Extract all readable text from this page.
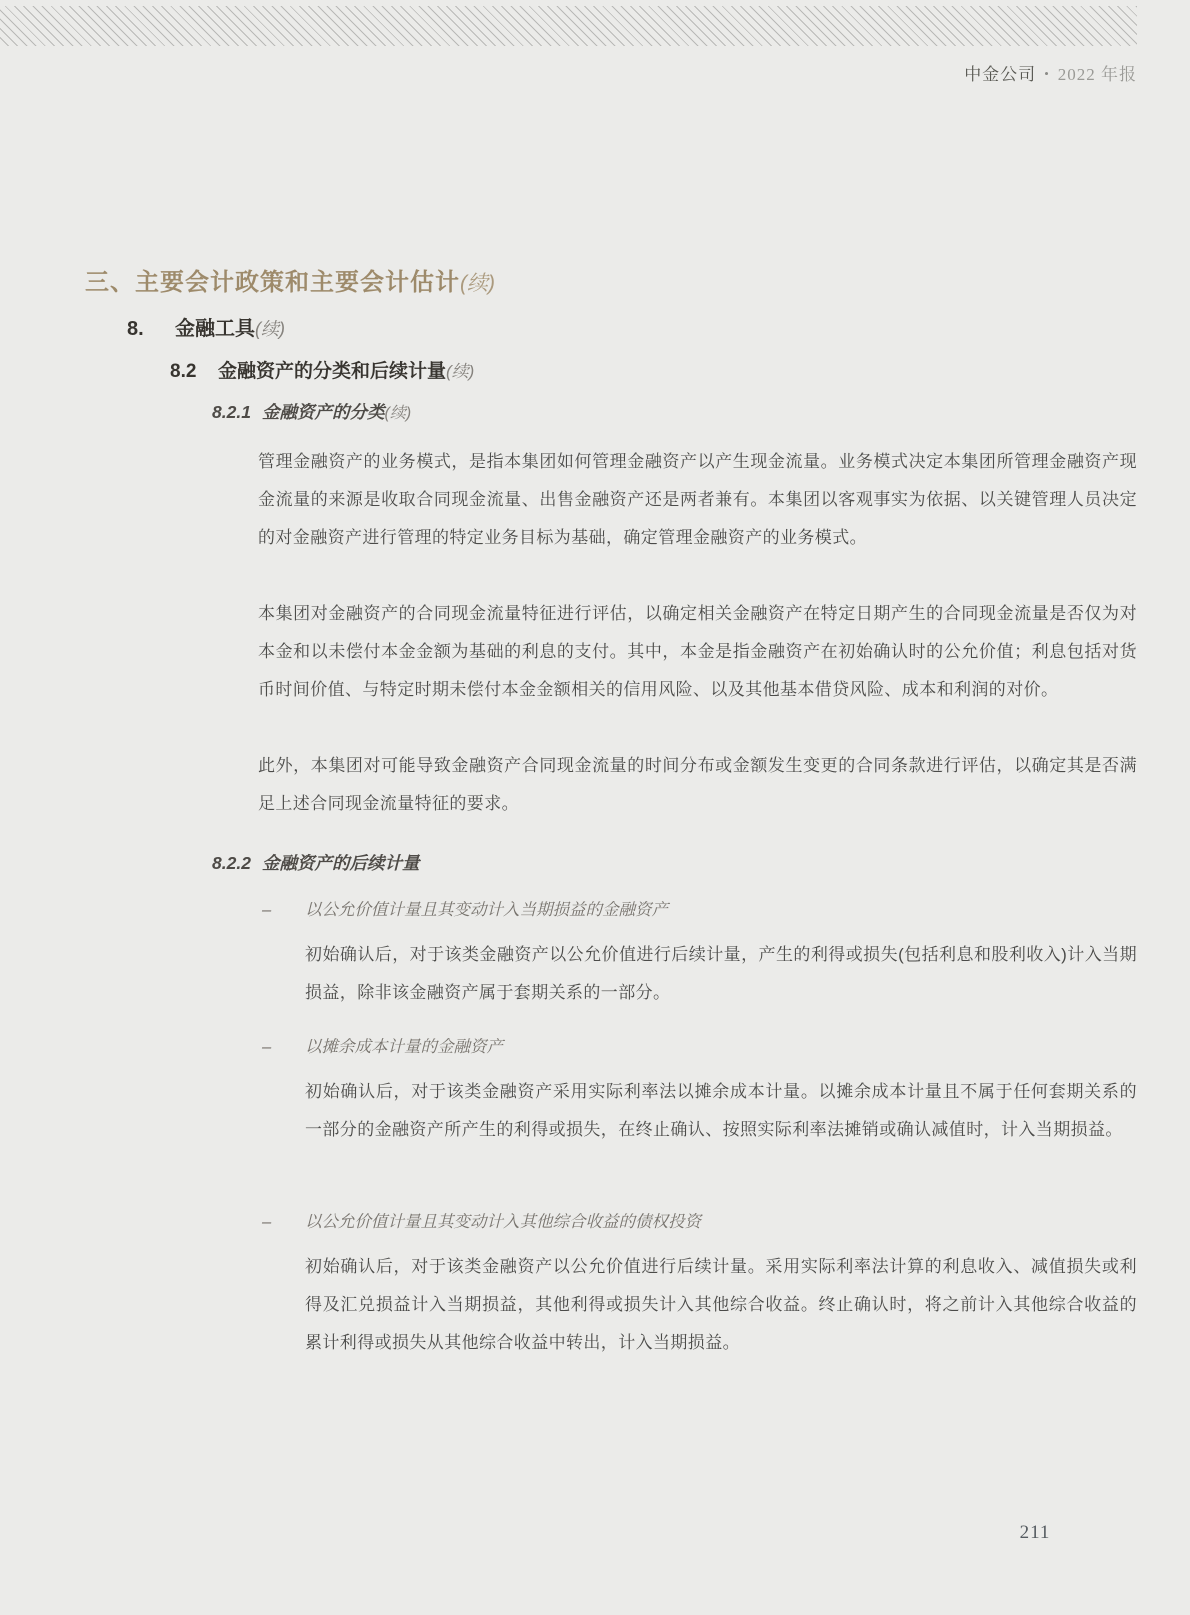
中金公司 • 2022 年报
三、主要会计政策和主要会计估计(续)
8. 金融工具(续)
8.2 金融资产的分类和后续计量(续)
8.2.1 金融资产的分类(续)
管理金融资产的业务模式，是指本集团如何管理金融资产以产生现金流量。业务模式决定本集团所管理金融资产现金流量的来源是收取合同现金流量、出售金融资产还是两者兼有。本集团以客观事实为依据、以关键管理人员决定的对金融资产进行管理的特定业务目标为基础，确定管理金融资产的业务模式。
本集团对金融资产的合同现金流量特征进行评估，以确定相关金融资产在特定日期产生的合同现金流量是否仅为对本金和以未偿付本金金额为基础的利息的支付。其中，本金是指金融资产在初始确认时的公允价值；利息包括对货币时间价值、与特定时期未偿付本金金额相关的信用风险、以及其他基本借贷风险、成本和利润的对价。
此外，本集团对可能导致金融资产合同现金流量的时间分布或金额发生变更的合同条款进行评估，以确定其是否满足上述合同现金流量特征的要求。
8.2.2 金融资产的后续计量
– 以公允价值计量且其变动计入当期损益的金融资产
初始确认后，对于该类金融资产以公允价值进行后续计量，产生的利得或损失(包括利息和股利收入)计入当期损益，除非该金融资产属于套期关系的一部分。
– 以摊余成本计量的金融资产
初始确认后，对于该类金融资产采用实际利率法以摊余成本计量。以摊余成本计量且不属于任何套期关系的一部分的金融资产所产生的利得或损失，在终止确认、按照实际利率法摊销或确认减值时，计入当期损益。
– 以公允价值计量且其变动计入其他综合收益的债权投资
初始确认后，对于该类金融资产以公允价值进行后续计量。采用实际利率法计算的利息收入、减值损失或利得及汇兑损益计入当期损益，其他利得或损失计入其他综合收益。终止确认时，将之前计入其他综合收益的累计利得或损失从其他综合收益中转出，计入当期损益。
211
